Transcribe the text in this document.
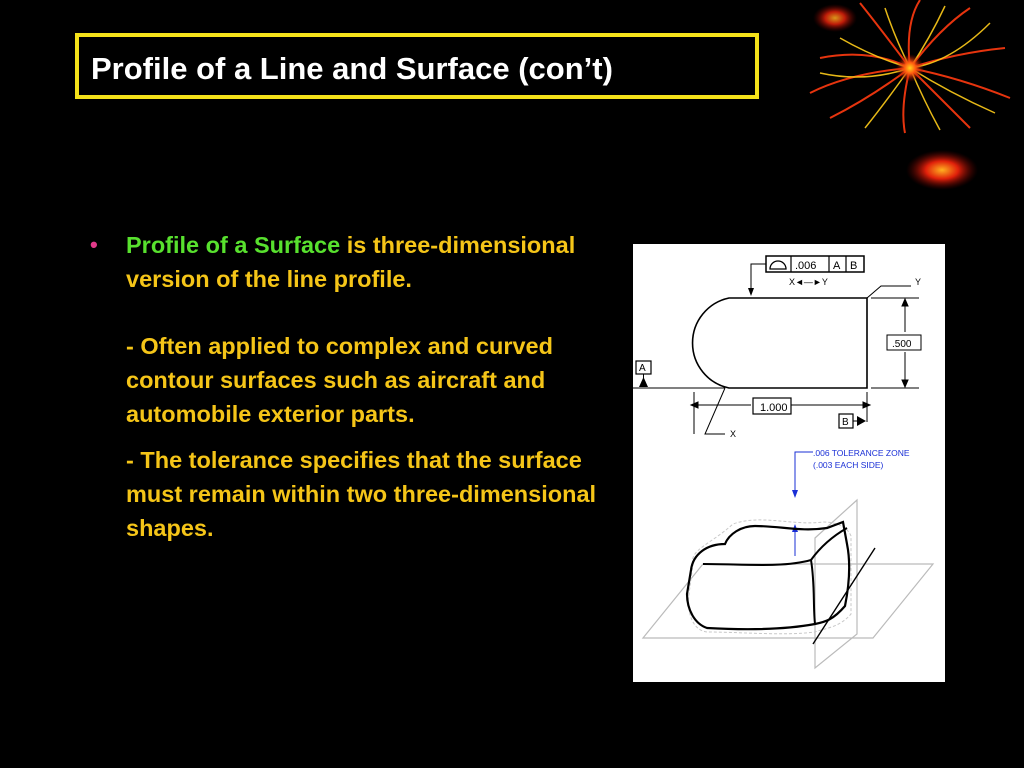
Profile of a Line and Surface (con’t)
• Profile of a Surface is three-dimensional version of the line profile.
- Often applied to complex and curved contour surfaces such as aircraft and automobile exterior parts.
- The tolerance specifies that the surface must remain within two three-dimensional shapes.
.006 A B
X◄—►Y	Y
.500
A
1.000
B
X
.006 TOLERANCE ZONE
(.003 EACH SIDE)
